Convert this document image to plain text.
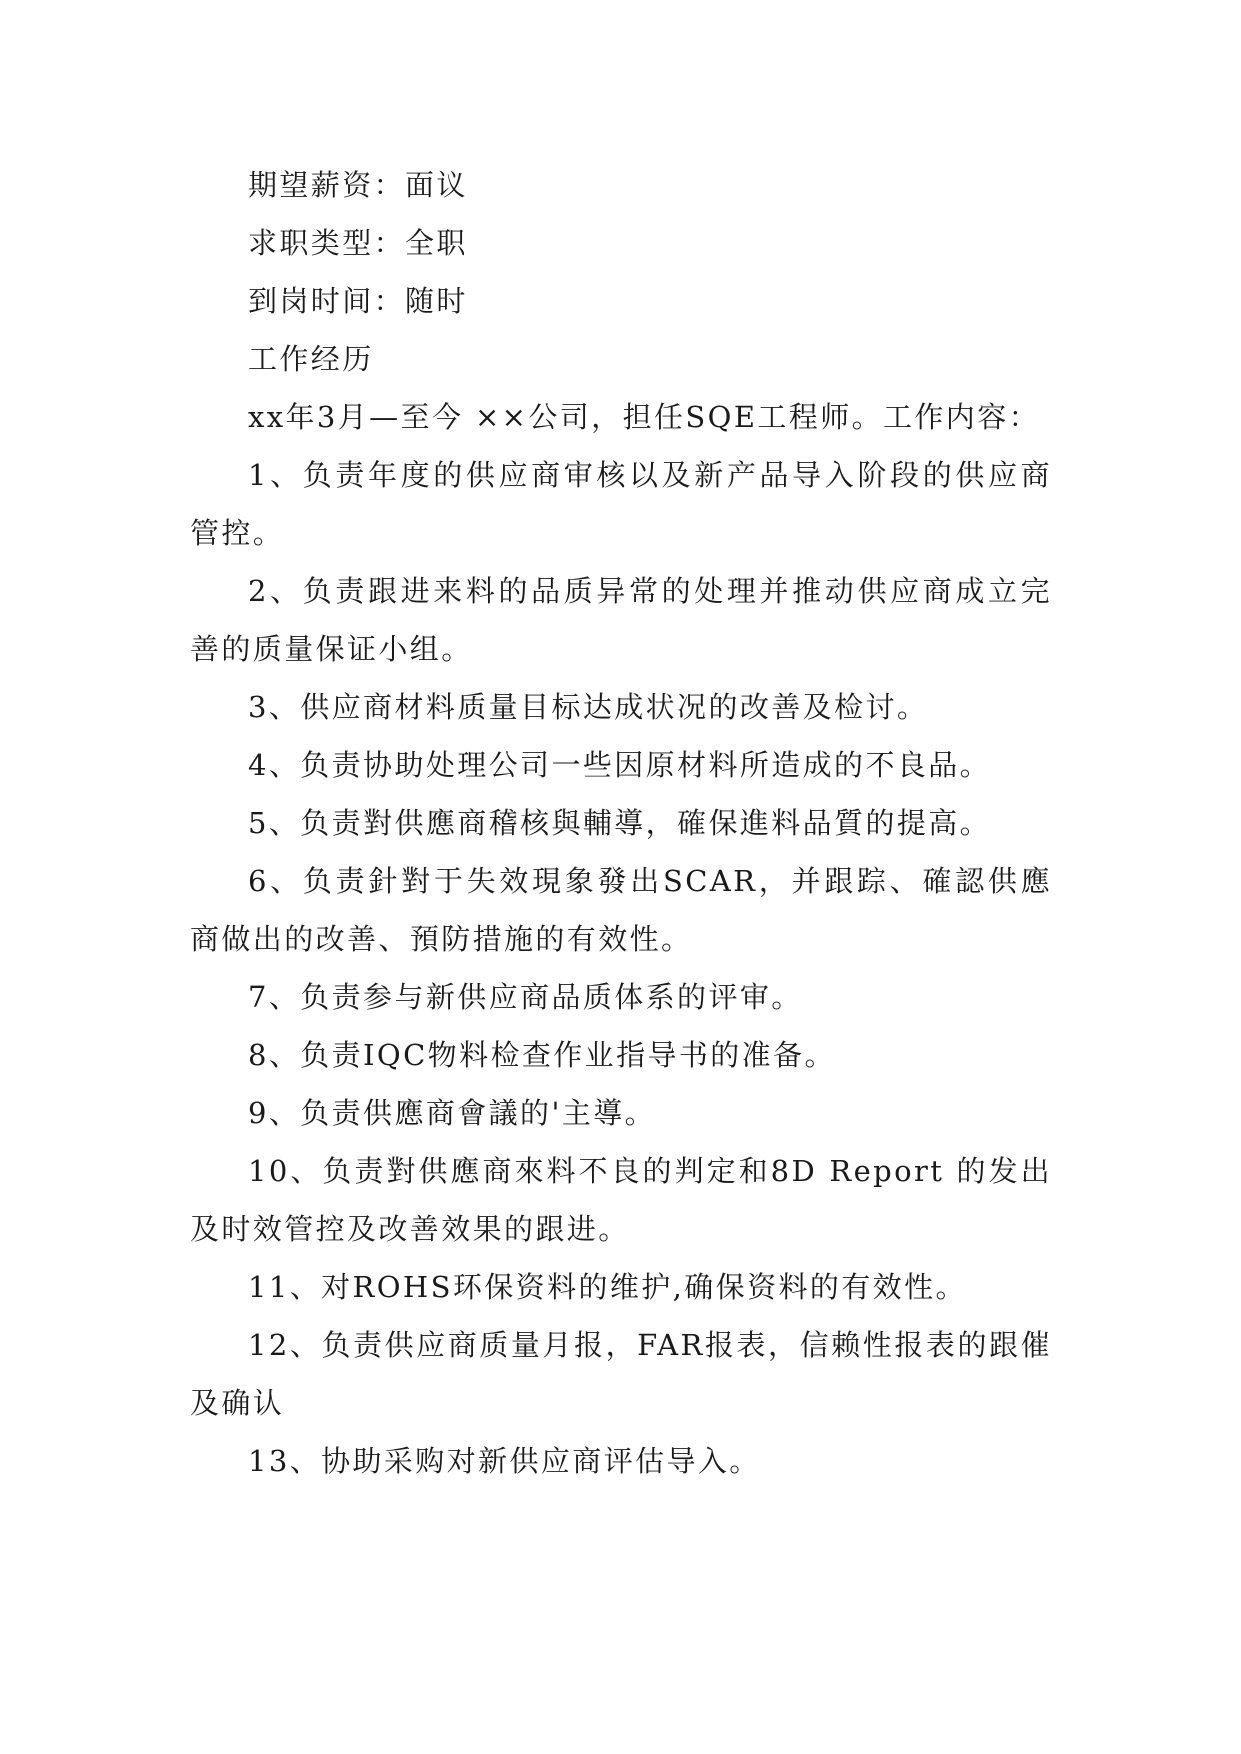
期望薪资：面议

求职类型：全职

到岗时间：随时

工作经历

xx年3月—至今 ××公司，担任SQE工程师。工作内容：

1、负责年度的供应商审核以及新产品导入阶段的供应商管控。

2、负责跟进来料的品质异常的处理并推动供应商成立完善的质量保证小组。

3、供应商材料质量目标达成状况的改善及检讨。

4、负责协助处理公司一些因原材料所造成的不良品。

5、负责對供應商稽核與輔導，確保進料品質的提高。

6、负责針對于失效現象發出SCAR，并跟踪、確認供應商做出的改善、預防措施的有效性。

7、负责参与新供应商品质体系的评审。

8、负责IQC物料检查作业指导书的准备。

9、负责供應商會議的'主導。

10、负责對供應商來料不良的判定和8D Report 的发出及时效管控及改善效果的跟进。

11、对ROHS环保资料的维护,确保资料的有效性。

12、负责供应商质量月报，FAR报表，信赖性报表的跟催及确认

13、协助采购对新供应商评估导入。
